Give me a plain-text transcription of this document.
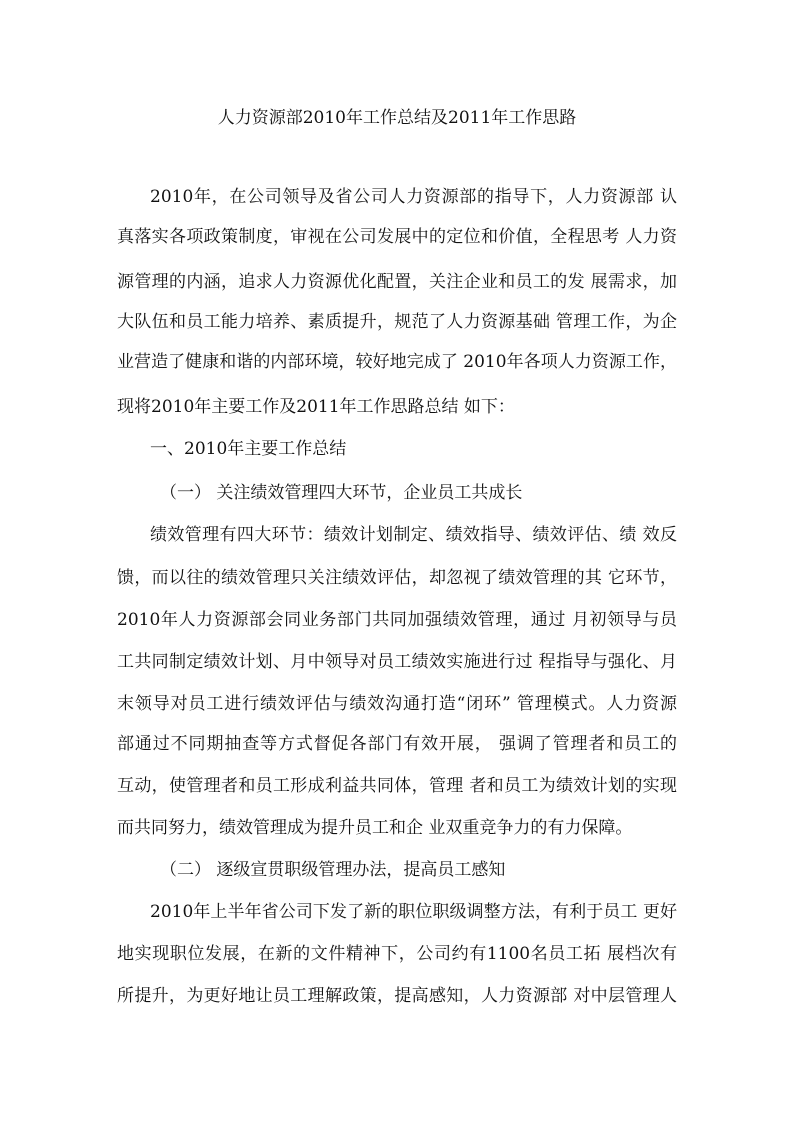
人力资源部2010年工作总结及2011年工作思路
2010年，在公司领导及省公司人力资源部的指导下，人力资源部 认
真落实各项政策制度，审视在公司发展中的定位和价值，全程思考 人力资
源管理的内涵，追求人力资源优化配置，关注企业和员工的发 展需求，加
大队伍和员工能力培养、素质提升，规范了人力资源基础 管理工作，为企
业营造了健康和谐的内部环境，较好地完成了 2010年各项人力资源工作，
现将2010年主要工作及2011年工作思路总结 如下：
一、2010年主要工作总结
（一） 关注绩效管理四大环节，企业员工共成长
绩效管理有四大环节：绩效计划制定、绩效指导、绩效评估、绩 效反
馈，而以往的绩效管理只关注绩效评估，却忽视了绩效管理的其 它环节，
2010年人力资源部会同业务部门共同加强绩效管理，通过 月初领导与员
工共同制定绩效计划、月中领导对员工绩效实施进行过 程指导与强化、月
末领导对员工进行绩效评估与绩效沟通打造“闭环” 管理模式。人力资源
部通过不同期抽查等方式督促各部门有效开展， 强调了管理者和员工的
互动，使管理者和员工形成利益共同体，管理 者和员工为绩效计划的实现
而共同努力，绩效管理成为提升员工和企 业双重竞争力的有力保障。
（二） 逐级宣贯职级管理办法，提高员工感知
2010年上半年省公司下发了新的职位职级调整方法，有利于员工 更好
地实现职位发展，在新的文件精神下，公司约有1100名员工拓 展档次有
所提升，为更好地让员工理解政策，提高感知，人力资源部 对中层管理人
